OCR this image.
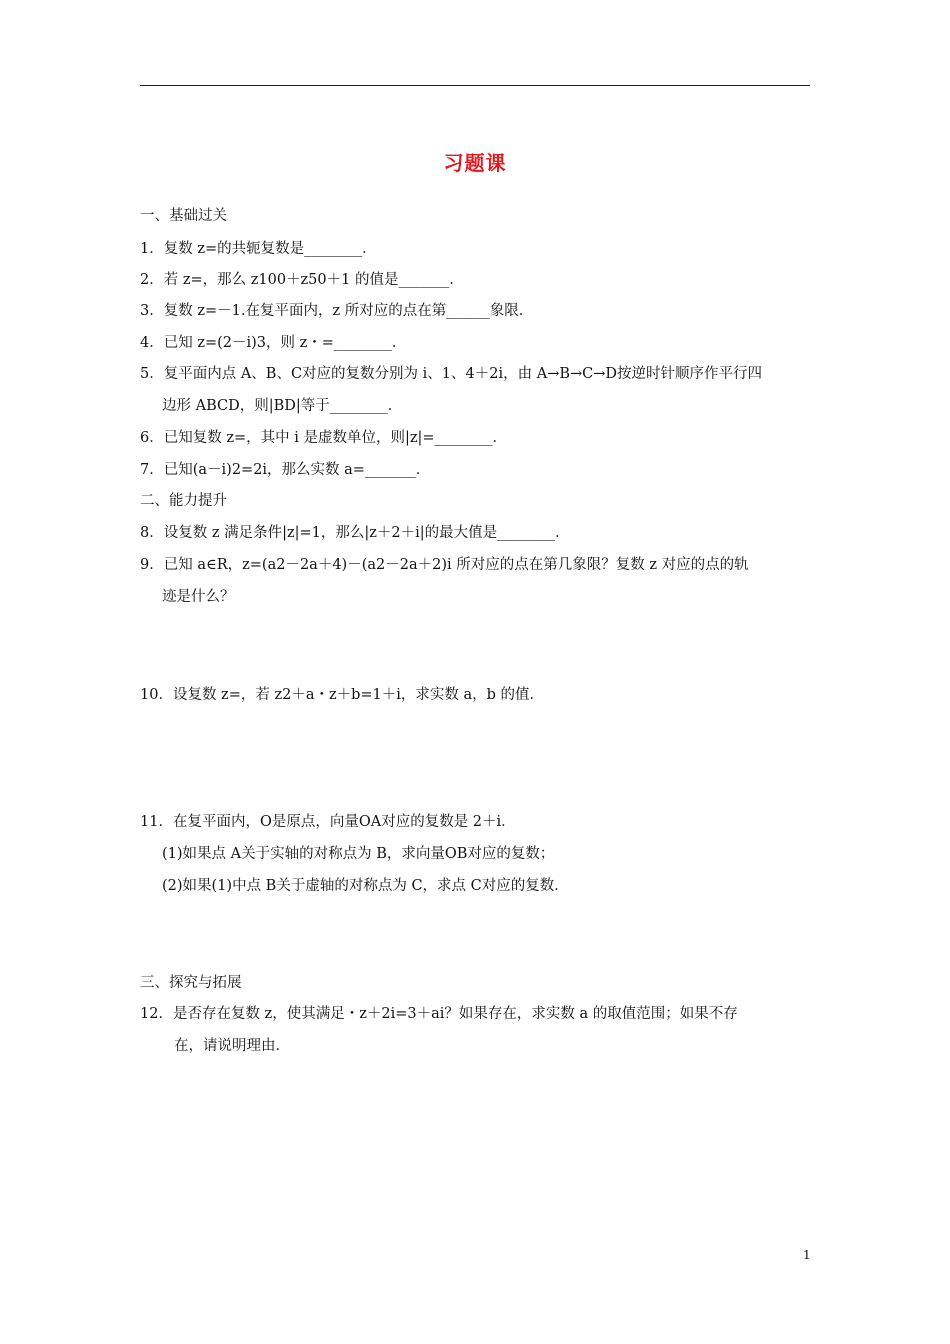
习题课
一、基础过关
1．复数 z=的共轭复数是________．
2．若 z=，那么 z100＋z50＋1 的值是_______．
3．复数 z=－1.在复平面内，z 所对应的点在第______象限．
4．已知 z=(2－i)3，则 z・=________．
5．复平面内点 A、B、C对应的复数分别为 i、1、4＋2i，由 A→B→C→D按逆时针顺序作平行四
边形 ABCD，则|BD|等于________．
6．已知复数 z=，其中 i 是虚数单位，则|z|=________．
7．已知(a－i)2=2i，那么实数 a=_______．
二、能力提升
8．设复数 z 满足条件|z|=1，那么|z＋2＋i|的最大值是________．
9．已知 a∈R，z=(a2－2a＋4)－(a2－2a＋2)i 所对应的点在第几象限？复数 z 对应的点的轨
迹是什么？
10．设复数 z=，若 z2＋a・z＋b=1＋i，求实数 a，b 的值．
11．在复平面内，O是原点，向量OA对应的复数是 2＋i．
(1)如果点 A关于实轴的对称点为 B，求向量OB对应的复数；
(2)如果(1)中点 B关于虚轴的对称点为 C，求点 C对应的复数．
三、探究与拓展
12．是否存在复数 z，使其满足・z＋2i=3＋ai？如果存在，求实数 a 的取值范围；如果不存
在，请说明理由．
1
